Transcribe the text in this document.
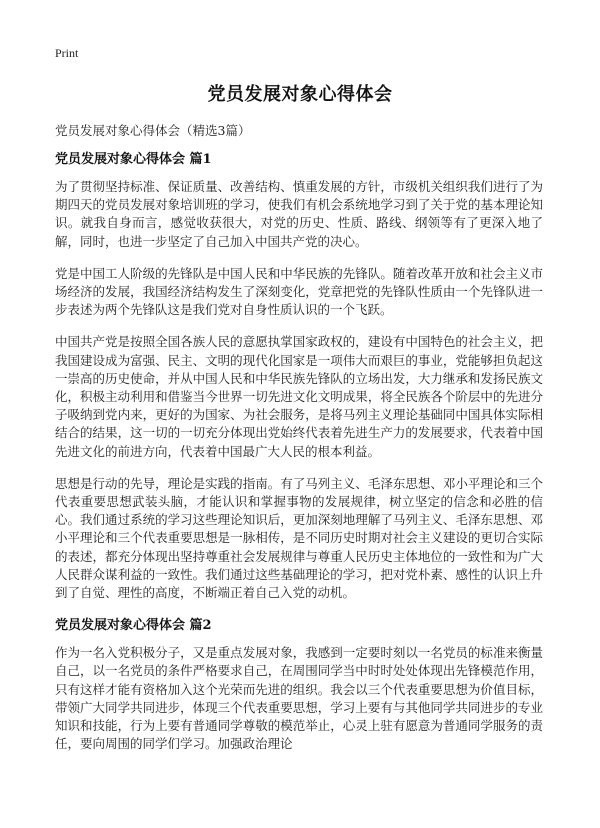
Print
党员发展对象心得体会
党员发展对象心得体会（精选3篇）
党员发展对象心得体会 篇1

为了贯彻坚持标准、保证质量、改善结构、慎重发展的方针，市级机关组织我们进行了为期四天的党员发展对象培训班的学习，使我们有机会系统地学习到了关于党的基本理论知识。就我自身而言，感觉收获很大，对党的历史、性质、路线、纲领等有了更深入地了解，同时，也进一步坚定了自己加入中国共产党的决心。

党是中国工人阶级的先锋队是中国人民和中华民族的先锋队。随着改革开放和社会主义市场经济的发展，我国经济结构发生了深刻变化，党章把党的先锋队性质由一个先锋队进一步表述为两个先锋队这是我们党对自身性质认识的一个飞跃。

中国共产党是按照全国各族人民的意愿执掌国家政权的，建设有中国特色的社会主义，把我国建设成为富强、民主、文明的现代化国家是一项伟大而艰巨的事业，党能够担负起这一崇高的历史使命，并从中国人民和中华民族先锋队的立场出发，大力继承和发扬民族文化，积极主动利用和借鉴当今世界一切先进文化文明成果，将全民族各个阶层中的先进分子吸纳到党内来，更好的为国家、为社会服务，是将马列主义理论基础同中国具体实际相结合的结果，这一切的一切充分体现出党始终代表着先进生产力的发展要求，代表着中国先进文化的前进方向，代表着中国最广大人民的根本利益。

思想是行动的先导，理论是实践的指南。有了马列主义、毛泽东思想、邓小平理论和三个代表重要思想武装头脑，才能认识和掌握事物的发展规律，树立坚定的信念和必胜的信心。我们通过系统的学习这些理论知识后，更加深刻地理解了马列主义、毛泽东思想、邓小平理论和三个代表重要思想是一脉相传，是不同历史时期对社会主义建设的更切合实际的表述，都充分体现出坚持尊重社会发展规律与尊重人民历史主体地位的一致性和为广大人民群众谋利益的一致性。我们通过这些基础理论的学习，把对党朴素、感性的认识上升到了自觉、理性的高度，不断端正着自己入党的动机。

党员发展对象心得体会 篇2

作为一名入党积极分子，又是重点发展对象，我感到一定要时刻以一名党员的标准来衡量自己，以一名党员的条件严格要求自己，在周围同学当中时时处处体现出先锋模范作用，只有这样才能有资格加入这个光荣而先进的组织。我会以三个代表重要思想为价值目标，带领广大同学共同进步，体现三个代表重要思想，学习上要有与其他同学共同进步的专业知识和技能，行为上要有普通同学尊敬的模范举止，心灵上驻有愿意为普通同学服务的责任，要向周围的同学们学习。加强政治理论
